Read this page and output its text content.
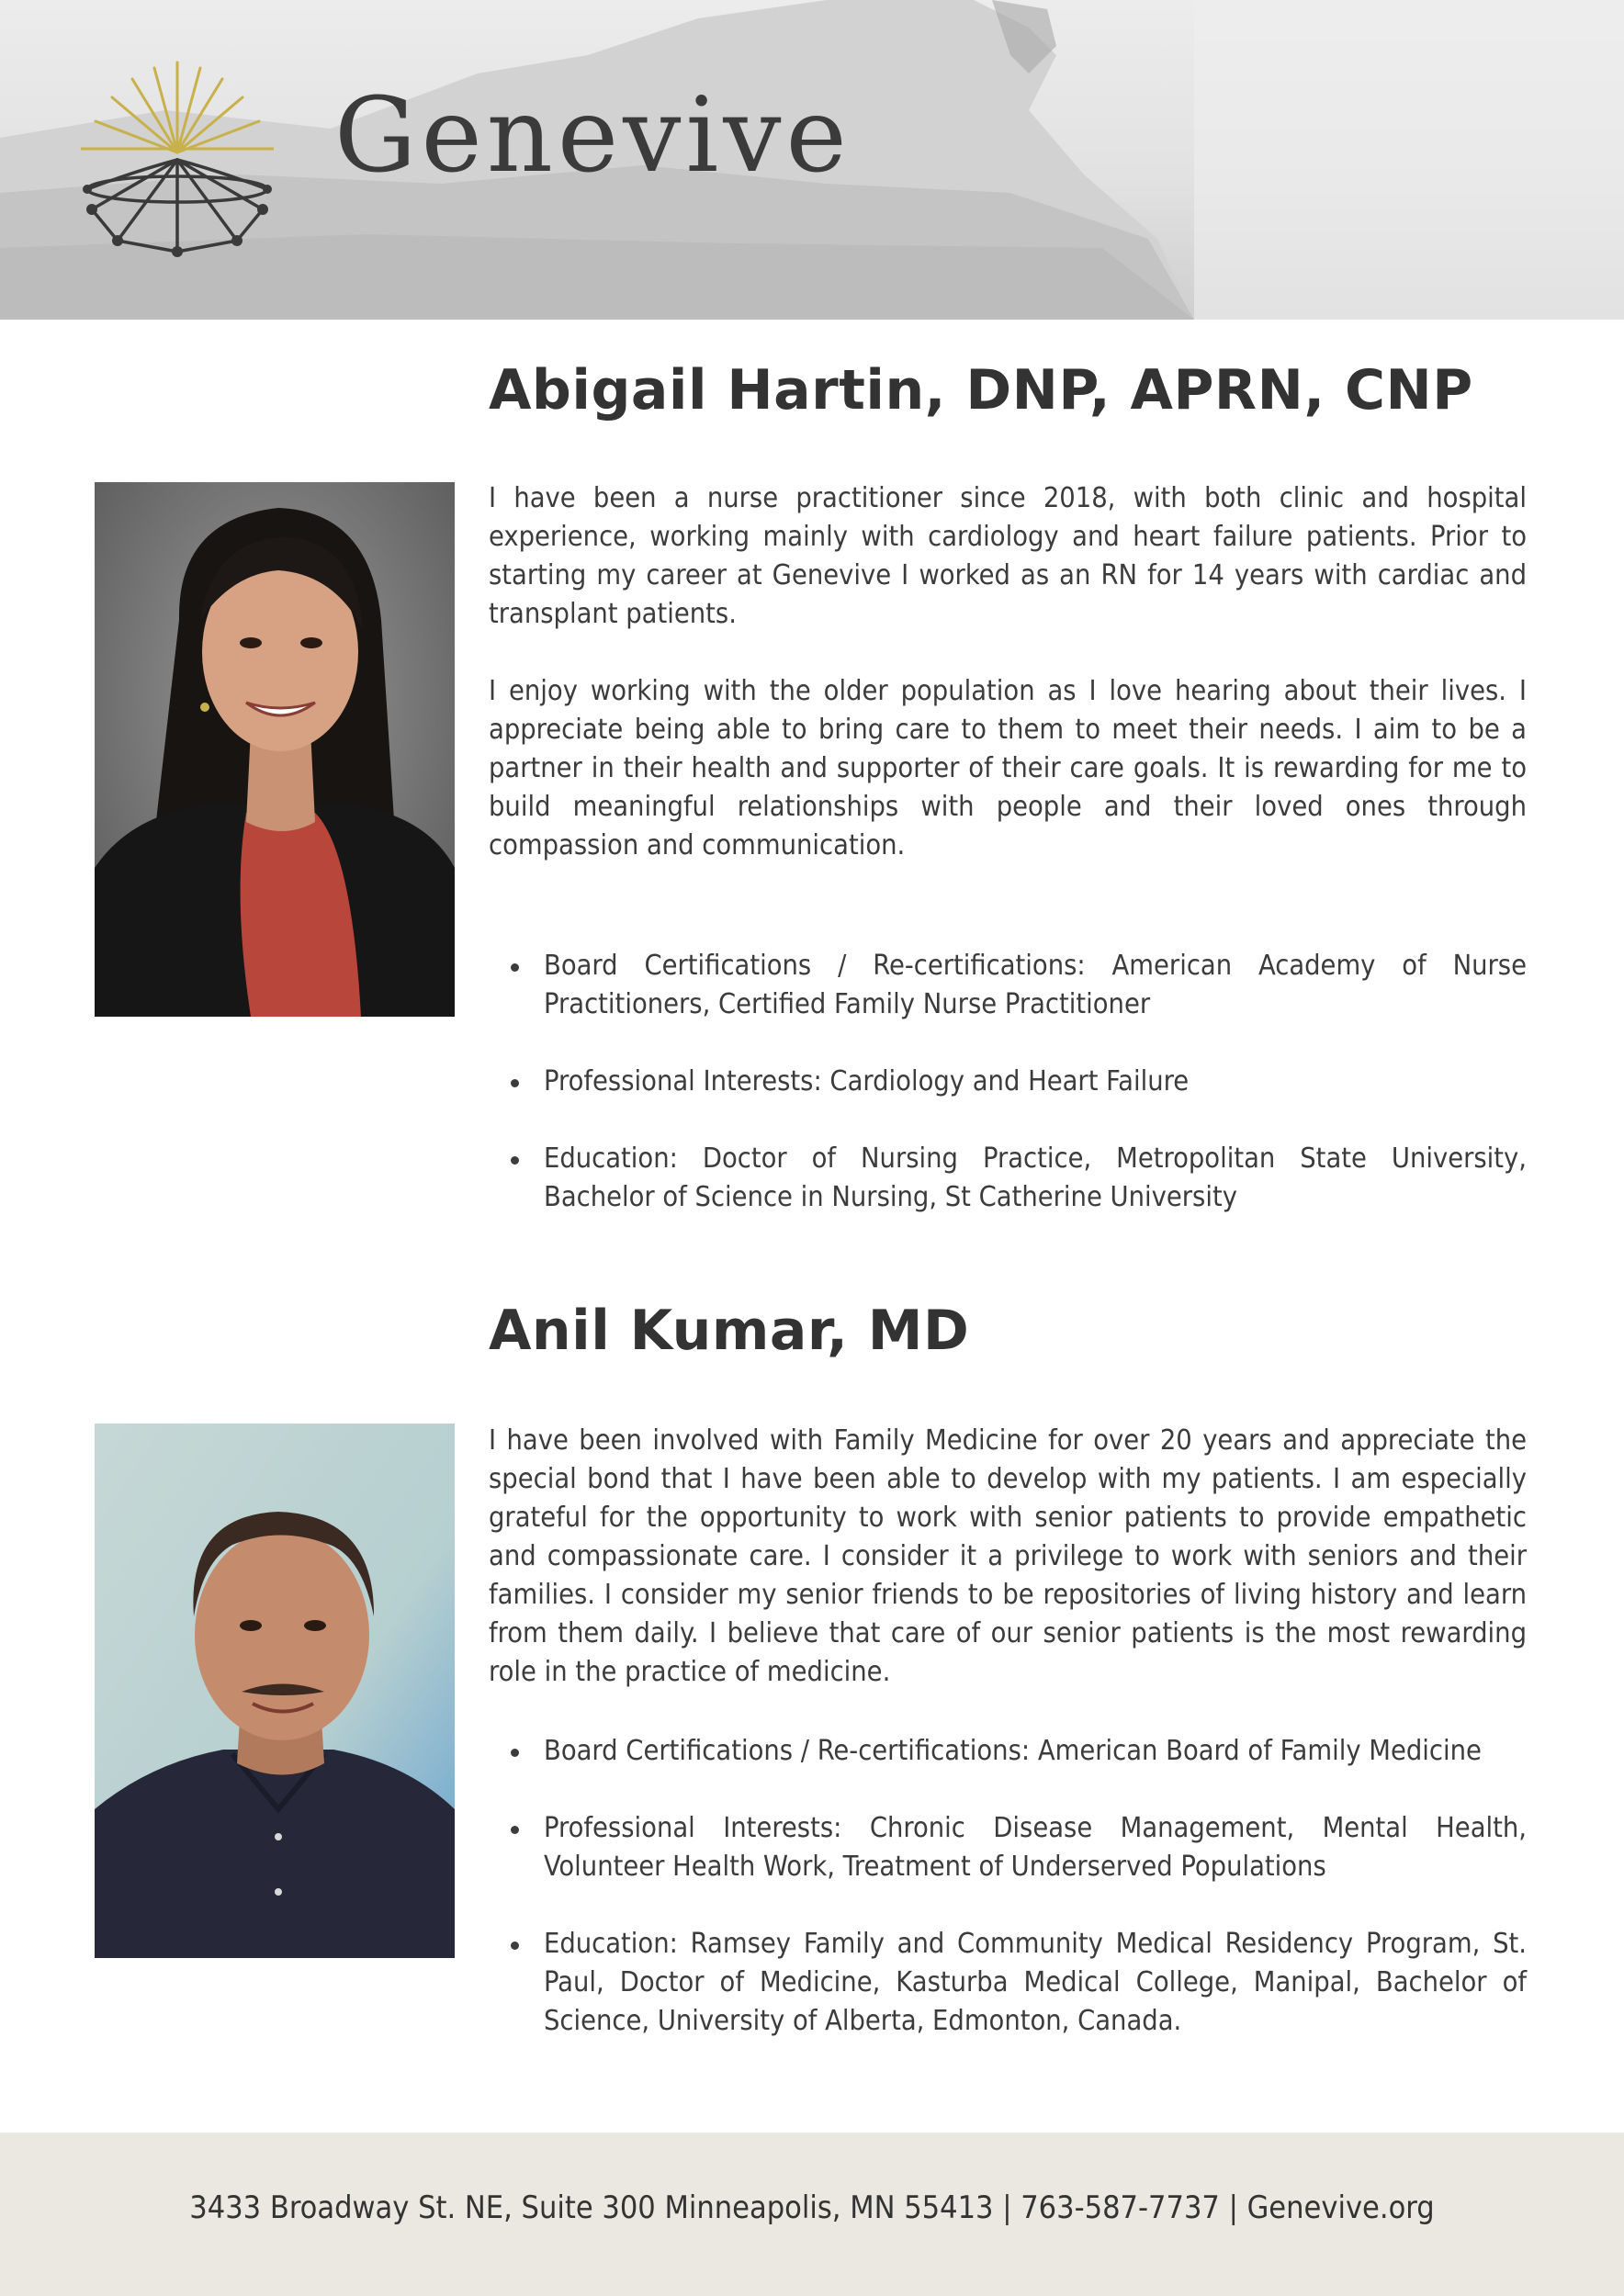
Genevive
Abigail Hartin, DNP, APRN, CNP

I have been a nurse practitioner since 2018, with both clinic and hospital experience, working mainly with cardiology and heart failure patients. Prior to starting my career at Genevive I worked as an RN for 14 years with cardiac and transplant patients.

I enjoy working with the older population as I love hearing about their lives. I appreciate being able to bring care to them to meet their needs. I aim to be a partner in their health and supporter of their care goals. It is rewarding for me to build meaningful relationships with people and their loved ones through compassion and communication.

Board Certifications / Re-certifications: American Academy of Nurse Practitioners, Certified Family Nurse Practitioner
Professional Interests: Cardiology and Heart Failure
Education: Doctor of Nursing Practice, Metropolitan State University, Bachelor of Science in Nursing, St Catherine University
Anil Kumar, MD

I have been involved with Family Medicine for over 20 years and appreciate the special bond that I have been able to develop with my patients. I am especially grateful for the opportunity to work with senior patients to provide empathetic and compassionate care. I consider it a privilege to work with seniors and their families. I consider my senior friends to be repositories of living history and learn from them daily. I believe that care of our senior patients is the most rewarding role in the practice of medicine.

Board Certifications / Re-certifications: American Board of Family Medicine
Professional Interests: Chronic Disease Management, Mental Health, Volunteer Health Work, Treatment of Underserved Populations
Education: Ramsey Family and Community Medical Residency Program, St. Paul, Doctor of Medicine, Kasturba Medical College, Manipal, Bachelor of Science, University of Alberta, Edmonton, Canada.
3433 Broadway St. NE, Suite 300 Minneapolis, MN 55413 | 763-587-7737 | Genevive.org
